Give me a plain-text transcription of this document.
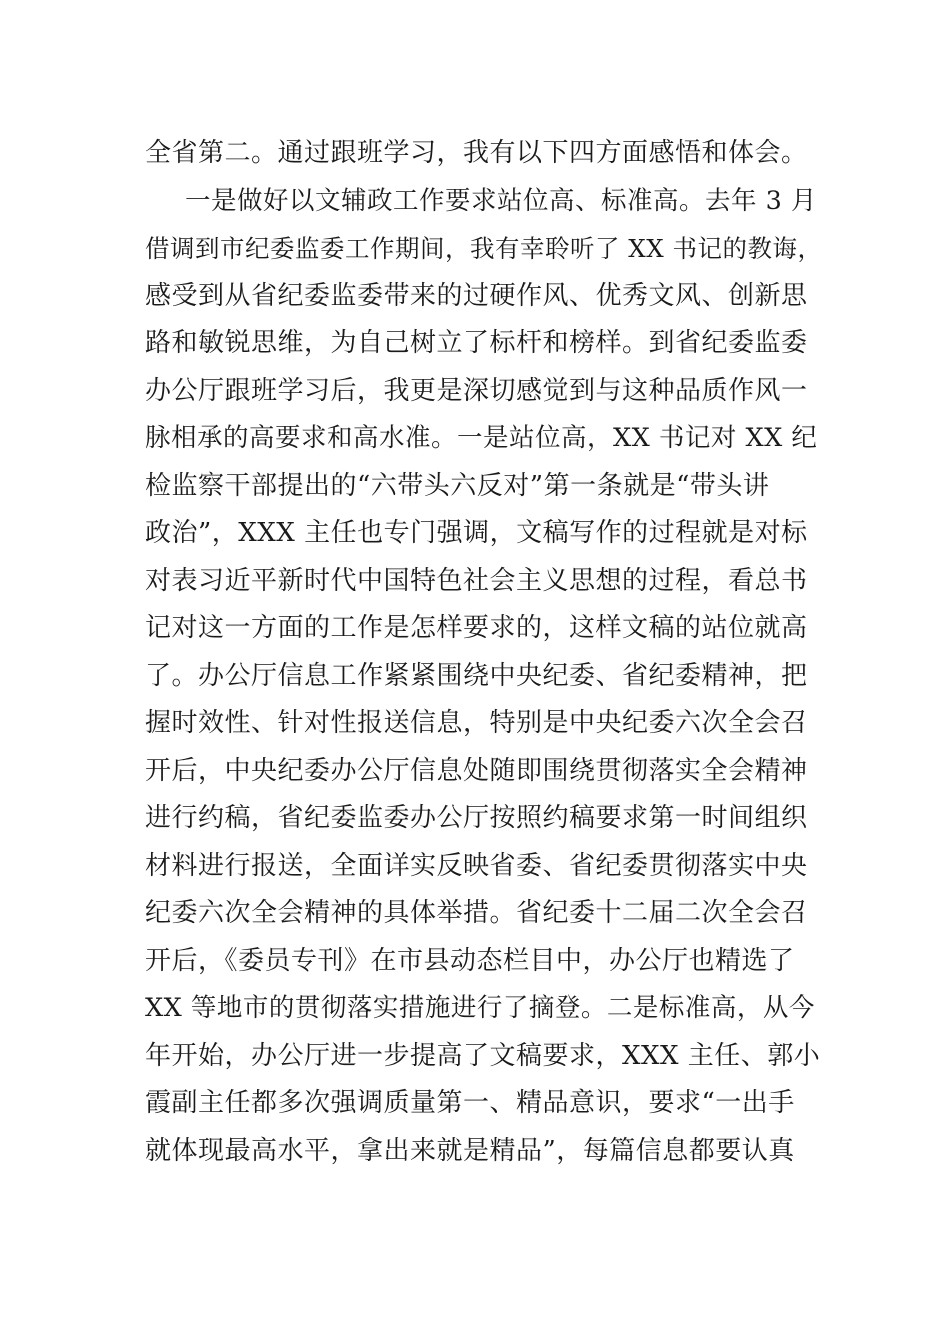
全省第二。通过跟班学习，我有以下四方面感悟和体会。
一是做好以文辅政工作要求站位高、标准高。去年 3 月
借调到市纪委监委工作期间，我有幸聆听了 XX 书记的教诲，
感受到从省纪委监委带来的过硬作风、优秀文风、创新思
路和敏锐思维，为自己树立了标杆和榜样。到省纪委监委
办公厅跟班学习后，我更是深切感觉到与这种品质作风一
脉相承的高要求和高水准。一是站位高，XX 书记对 XX 纪
检监察干部提出的“六带头六反对”第一条就是“带头讲
政治”，XXX 主任也专门强调，文稿写作的过程就是对标
对表习近平新时代中国特色社会主义思想的过程，看总书
记对这一方面的工作是怎样要求的，这样文稿的站位就高
了。办公厅信息工作紧紧围绕中央纪委、省纪委精神，把
握时效性、针对性报送信息，特别是中央纪委六次全会召
开后，中央纪委办公厅信息处随即围绕贯彻落实全会精神
进行约稿，省纪委监委办公厅按照约稿要求第一时间组织
材料进行报送，全面详实反映省委、省纪委贯彻落实中央
纪委六次全会精神的具体举措。省纪委十二届二次全会召
开后，《委员专刊》在市县动态栏目中，办公厅也精选了
XX 等地市的贯彻落实措施进行了摘登。二是标准高，从今
年开始，办公厅进一步提高了文稿要求，XXX 主任、郭小
霞副主任都多次强调质量第一、精品意识，要求“一出手
就体现最高水平，拿出来就是精品”，每篇信息都要认真
